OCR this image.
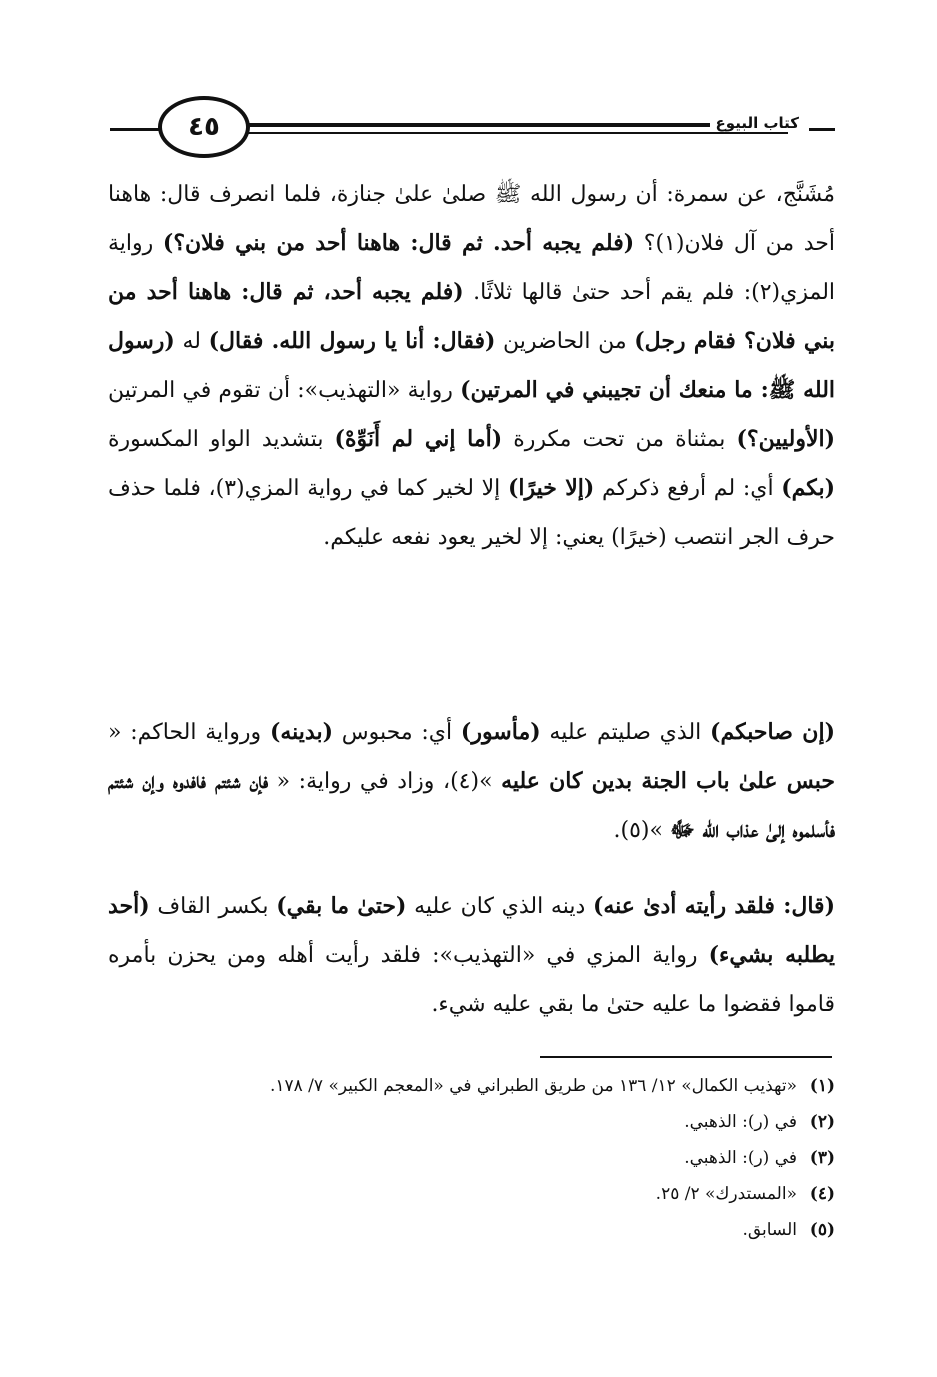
٤٥	كتاب البيوع

مُشَنَّج، عن سمرة: أن رسول الله ﷺ صلىٰ علىٰ جنازة، فلما انصرف قال: هاهنا أحد من آل فلان(١)؟ (فلم يجبه أحد. ثم قال: هاهنا أحد من بني فلان؟) رواية المزي(٢): فلم يقم أحد حتىٰ قالها ثلاثًا. (فلم يجبه أحد، ثم قال: هاهنا أحد من بني فلان؟ فقام رجل) من الحاضرين (فقال: أنا يا رسول الله. فقال) له (رسول الله ﷺ: ما منعك أن تجيبني في المرتين) رواية «التهذيب»: أن تقوم في المرتين (الأوليين؟) بمثناة من تحت مكررة (أما إني لم أَنَوِّهْ) بتشديد الواو المكسورة (بكم) أي: لم أرفع ذكركم (إلا خيرًا) إلا لخير كما في رواية المزي(٣)، فلما حذف حرف الجر انتصب (خيرًا) يعني: إلا لخير يعود نفعه عليكم.

(إن صاحبكم) الذي صليتم عليه (مأسور) أي: محبوس (بدينه) ورواية الحاكم: « حبس علىٰ باب الجنة بدين كان عليه »(٤)، وزاد في رواية: « فإن شئتم فافدوه وإن شئتم فأسلموه إلىٰ عذاب الله ﷻ »(٥).

(قال: فلقد رأيته أدىٰ عنه) دينه الذي كان عليه (حتىٰ ما بقي) بكسر القاف (أحد يطلبه بشيء) رواية المزي في «التهذيب»: فلقد رأيت أهله ومن يحزن بأمره قاموا فقضوا ما عليه حتىٰ ما بقي عليه شيء.

(١)«تهذيب الكمال» ١٢/ ١٣٦ من طريق الطبراني في «المعجم الكبير» ٧/ ١٧٨.
(٢)في (ر): الذهبي.
(٣)في (ر): الذهبي.
(٤)«المستدرك» ٢/ ٢٥.
(٥)السابق.
